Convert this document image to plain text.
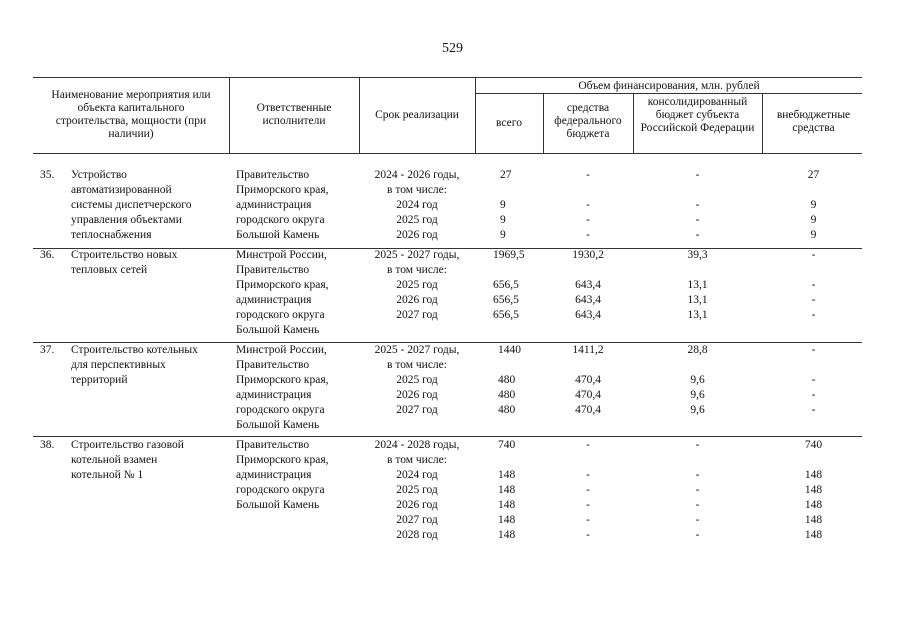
529
Наименование мероприятия или объекта капитального строительства, мощности (при наличии)
Ответственные исполнители	Срок реализации
Объем финансирования, млн. рублей
всего
средства федерального бюджета
консолидированный бюджет субъекта Российской Федерации
внебюджетные средства
35. Устройство
автоматизированной
системы диспетчерского
управления объектами
теплоснабжения
Правительство
Приморского края,
администрация
городского округа
Большой Камень
2024 - 2026 годы,
в том числе:
2024 год
2025 год
2026 год
27
9
9
9
-
-
-
-
-
-
-
-
27
9
9
9
36. Строительство новых
тепловых сетей
Минстрой России,
Правительство
Приморского края,
администрация
городского округа
Большой Камень
2025 - 2027 годы,
в том числе:
2025 год
2026 год
2027 год
1969,5
656,5
656,5
656,5
1930,2
643,4
643,4
643,4
39,3
13,1
13,1
13,1
-
-
-
-
37. Строительство котельных
для перспективных
территорий
Минстрой России,
Правительство
Приморского края,
администрация
городского округа
Большой Камень
2025 - 2027 годы,
в том числе:
2025 год
2026 год
2027 год
1440
480
480
480
1411,2
470,4
470,4
470,4
28,8
9,6
9,6
9,6
-
-
-
-
38. Строительство газовой
котельной взамен
котельной № 1
Правительство
Приморского края,
администрация
городского округа
Большой Камень
2024 - 2028 годы,
в том числе:
2024 год
2025 год
2026 год
2027 год
2028 год
740
148
148
148
148
148
-
-
-
-
-
-
-
-
-
-
-
-
740
148
148
148
148
148
